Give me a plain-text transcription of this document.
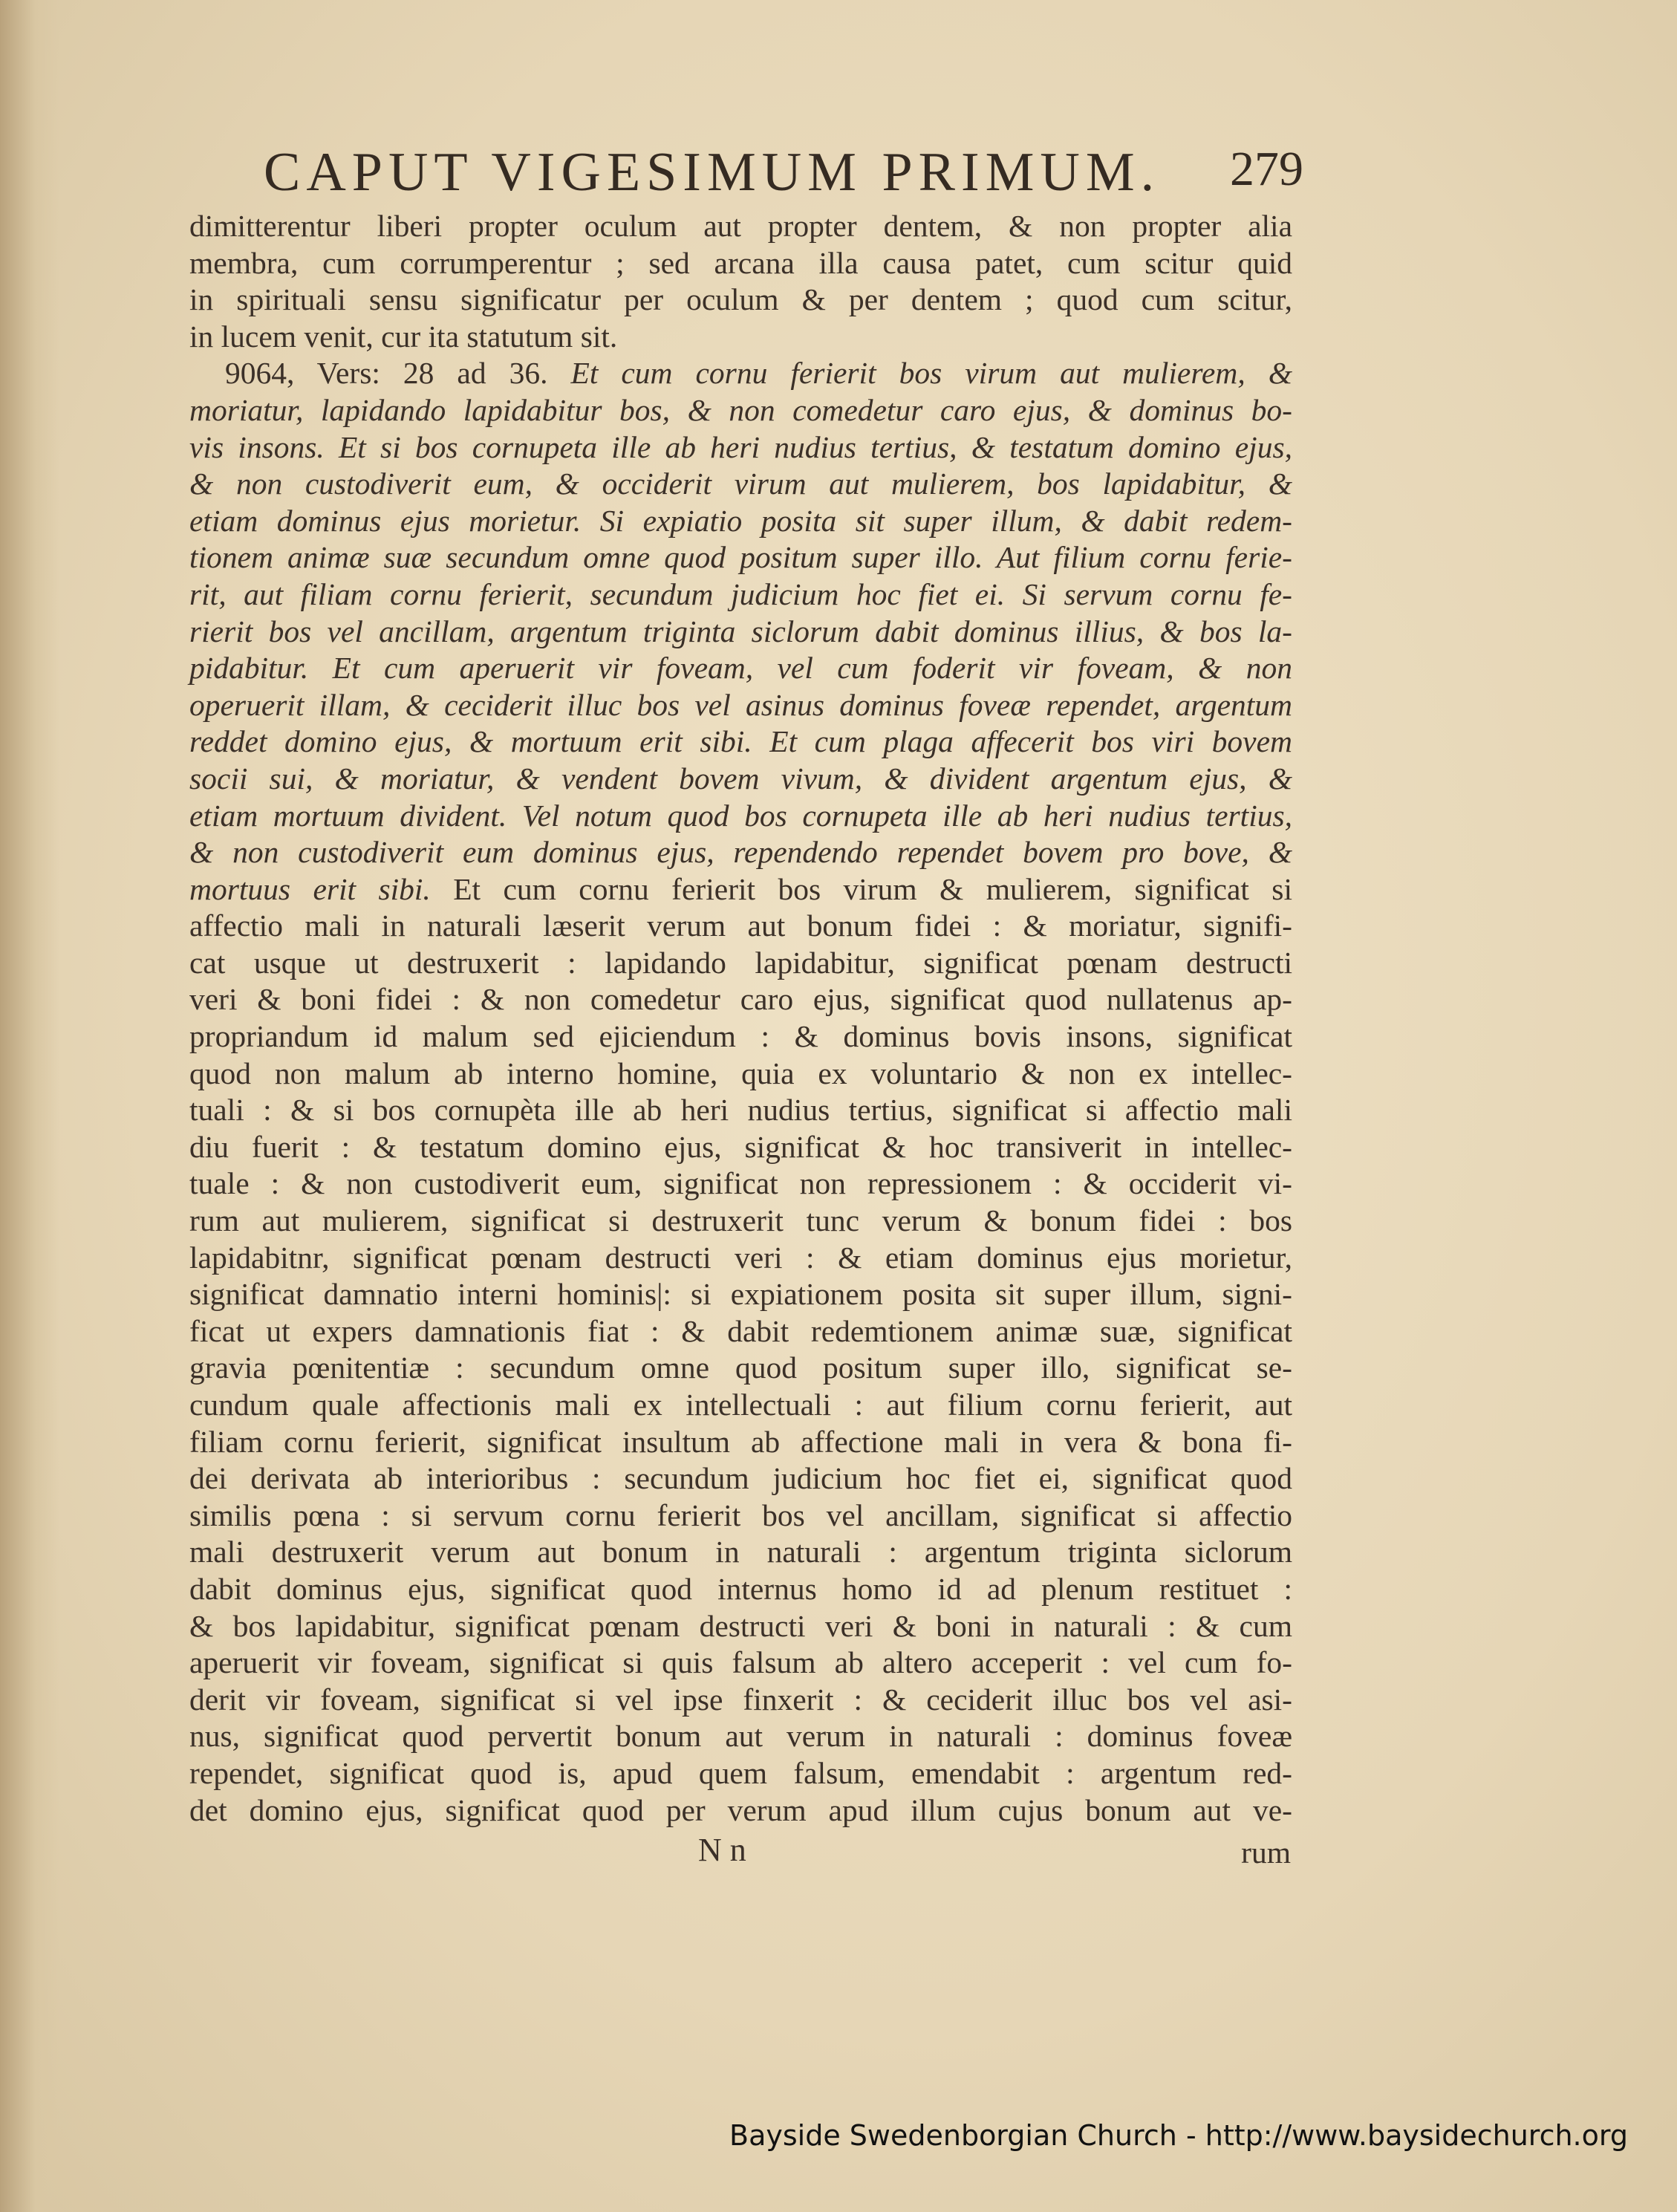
CAPUT VIGESIMUM PRIMUM. 279
dimitterentur liberi propter oculum aut propter dentem, & non propter alia
membra, cum corrumperentur ; sed arcana illa causa patet, cum scitur quid
in spirituali sensu significatur per oculum & per dentem ; quod cum scitur,
in lucem venit, cur ita statutum sit.
9064, Vers: 28 ad 36. Et cum cornu ferierit bos virum aut mulierem, &
moriatur, lapidando lapidabitur bos, & non comedetur caro ejus, & dominus bo-
vis insons. Et si bos cornupeta ille ab heri nudius tertius, & testatum domino ejus,
& non custodiverit eum, & occiderit virum aut mulierem, bos lapidabitur, &
etiam dominus ejus morietur. Si expiatio posita sit super illum, & dabit redem-
tionem animæ suæ secundum omne quod positum super illo. Aut filium cornu ferie-
rit, aut filiam cornu ferierit, secundum judicium hoc fiet ei. Si servum cornu fe-
rierit bos vel ancillam, argentum triginta siclorum dabit dominus illius, & bos la-
pidabitur. Et cum aperuerit vir foveam, vel cum foderit vir foveam, & non
operuerit illam, & ceciderit illuc bos vel asinus dominus foveæ rependet, argentum
reddet domino ejus, & mortuum erit sibi. Et cum plaga affecerit bos viri bovem
socii sui, & moriatur, & vendent bovem vivum, & divident argentum ejus, &
etiam mortuum divident. Vel notum quod bos cornupeta ille ab heri nudius tertius,
& non custodiverit eum dominus ejus, rependendo rependet bovem pro bove, &
mortuus erit sibi. Et cum cornu ferierit bos virum & mulierem, significat si
affectio mali in naturali læserit verum aut bonum fidei : & moriatur, signifi-
cat usque ut destruxerit : lapidando lapidabitur, significat pœnam destructi
veri & boni fidei : & non comedetur caro ejus, significat quod nullatenus ap-
propriandum id malum sed ejiciendum : & dominus bovis insons, significat
quod non malum ab interno homine, quia ex voluntario & non ex intellec-
tuali : & si bos cornupèta ille ab heri nudius tertius, significat si affectio mali
diu fuerit : & testatum domino ejus, significat & hoc transiverit in intellec-
tuale : & non custodiverit eum, significat non repressionem : & occiderit vi-
rum aut mulierem, significat si destruxerit tunc verum & bonum fidei : bos
lapidabitnr, significat pœnam destructi veri : & etiam dominus ejus morietur,
significat damnatio interni hominis|: si expiationem posita sit super illum, signi-
ficat ut expers damnationis fiat : & dabit redemtionem animæ suæ, significat
gravia pœnitentiæ : secundum omne quod positum super illo, significat se-
cundum quale affectionis mali ex intellectuali : aut filium cornu ferierit, aut
filiam cornu ferierit, significat insultum ab affectione mali in vera & bona fi-
dei derivata ab interioribus : secundum judicium hoc fiet ei, significat quod
similis pœna : si servum cornu ferierit bos vel ancillam, significat si affectio
mali destruxerit verum aut bonum in naturali : argentum triginta siclorum
dabit dominus ejus, significat quod internus homo id ad plenum restituet :
& bos lapidabitur, significat pœnam destructi veri & boni in naturali : & cum
aperuerit vir foveam, significat si quis falsum ab altero acceperit : vel cum fo-
derit vir foveam, significat si vel ipse finxerit : & ceciderit illuc bos vel asi-
nus, significat quod pervertit bonum aut verum in naturali : dominus foveæ
rependet, significat quod is, apud quem falsum, emendabit : argentum red-
det domino ejus, significat quod per verum apud illum cujus bonum aut ve-
N n	rum
Bayside Swedenborgian Church - http://www.baysidechurch.org
